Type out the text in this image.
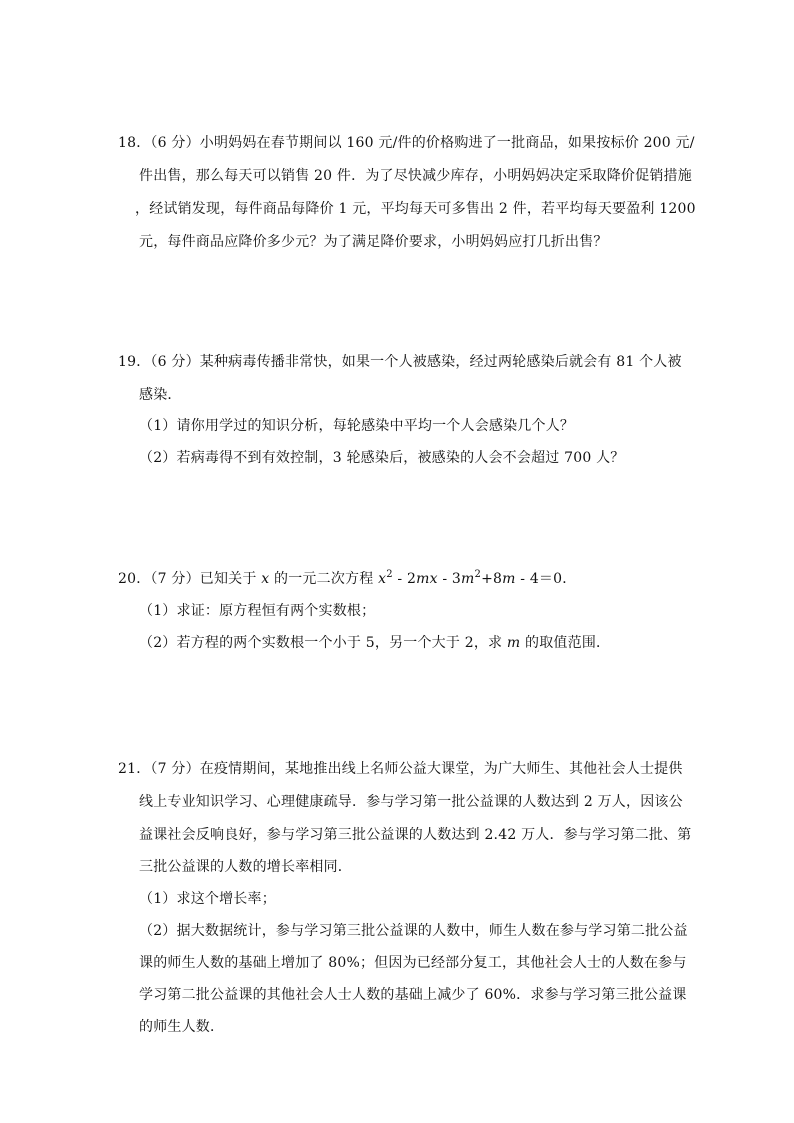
18．（6 分）小明妈妈在春节期间以 160 元/件的价格购进了一批商品，如果按标价 200 元/
件出售，那么每天可以销售 20 件．为了尽快减少库存，小明妈妈决定采取降价促销措施
，经试销发现，每件商品每降价 1 元，平均每天可多售出 2 件，若平均每天要盈利 1200
元，每件商品应降价多少元？为了满足降价要求，小明妈妈应打几折出售？
19．（6 分）某种病毒传播非常快，如果一个人被感染，经过两轮感染后就会有 81 个人被
感染．
（1）请你用学过的知识分析，每轮感染中平均一个人会感染几个人？
（2）若病毒得不到有效控制，3 轮感染后，被感染的人会不会超过 700 人？
20．（7 分）已知关于 x 的一元二次方程 $x^2 - 2mx - 3m^2+8m - 4=0$．
（1）求证：原方程恒有两个实数根；
（2）若方程的两个实数根一个小于 5，另一个大于 2，求 m 的取值范围．
21．（7 分）在疫情期间，某地推出线上名师公益大课堂，为广大师生、其他社会人士提供
线上专业知识学习、心理健康疏导．参与学习第一批公益课的人数达到 2 万人，因该公
益课社会反响良好，参与学习第三批公益课的人数达到 2.42 万人．参与学习第二批、第
三批公益课的人数的增长率相同．
（1）求这个增长率；
（2）据大数据统计，参与学习第三批公益课的人数中，师生人数在参与学习第二批公益
课的师生人数的基础上增加了 80%；但因为已经部分复工，其他社会人士的人数在参与
学习第二批公益课的其他社会人士人数的基础上减少了 60%．求参与学习第三批公益课
的师生人数．
